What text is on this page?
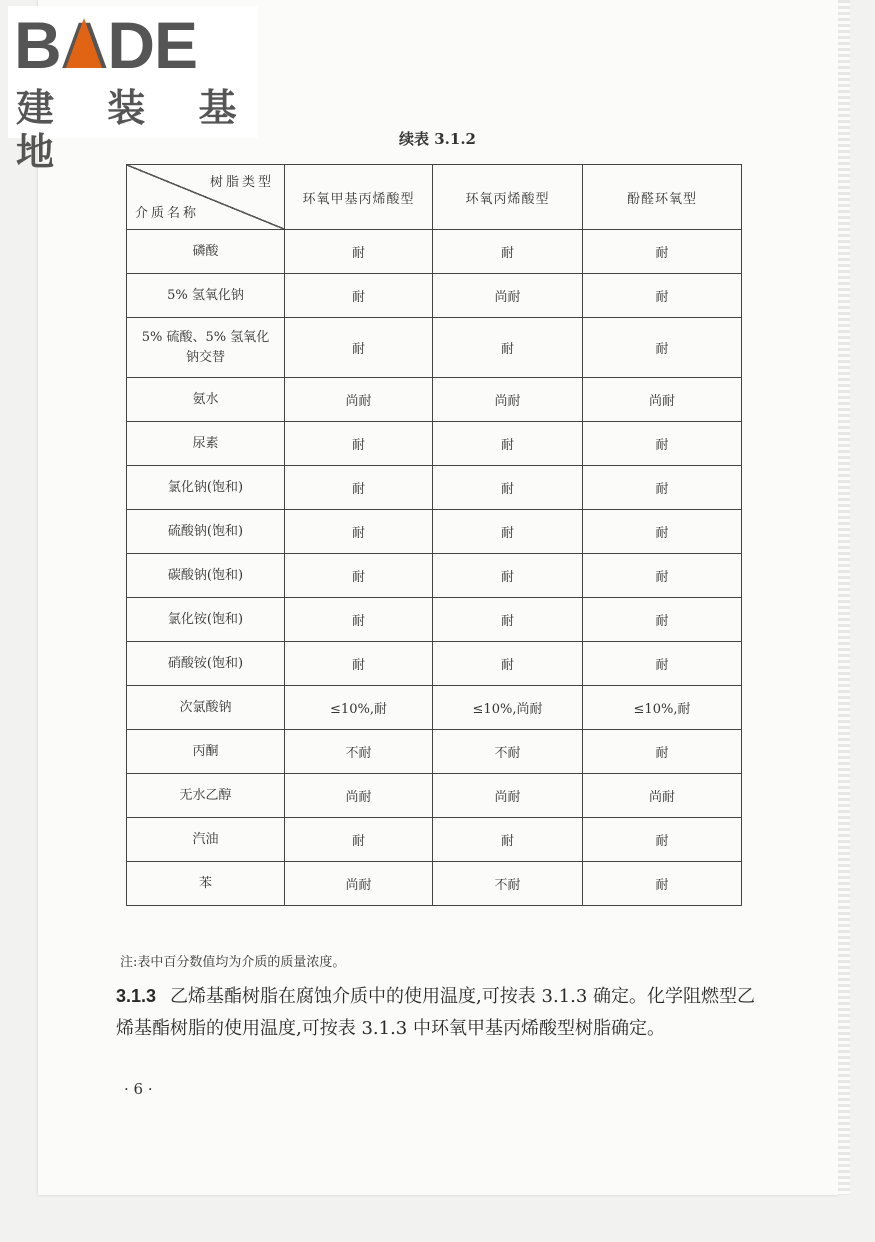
BADE
建 装 基 地	续表 3.1.2
树脂类型
介质名称	环氧甲基丙烯酸型	环氧丙烯酸型	酚醛环氧型
磷酸	耐	耐	耐
5% 氢氧化钠	耐	尚耐	耐
5% 硫酸、5% 氢氧化钠交替	耐	耐	耐
氨水	尚耐	尚耐	尚耐
尿素	耐	耐	耐
氯化钠(饱和)	耐	耐	耐
硫酸钠(饱和)	耐	耐	耐
碳酸钠(饱和)	耐	耐	耐
氯化铵(饱和)	耐	耐	耐
硝酸铵(饱和)	耐	耐	耐
次氯酸钠	≤10%,耐	≤10%,尚耐	≤10%,耐
丙酮	不耐	不耐	耐
无水乙醇	尚耐	尚耐	尚耐
汽油	耐	耐	耐
苯	尚耐	不耐	耐
注:表中百分数值均为介质的质量浓度。
3.1.3 乙烯基酯树脂在腐蚀介质中的使用温度,可按表 3.1.3 确定。化学阻燃型乙烯基酯树脂的使用温度,可按表 3.1.3 中环氧甲基丙烯酸型树脂确定。
· 6 ·
